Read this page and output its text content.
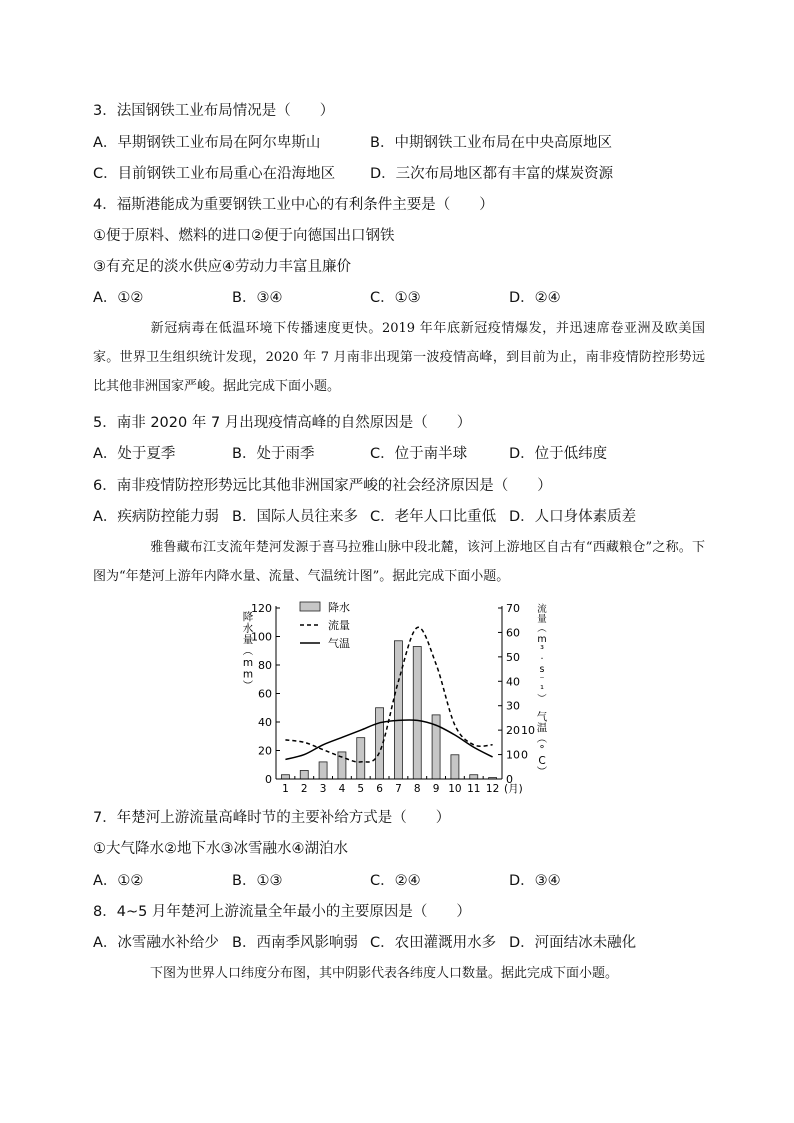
3．法国钢铁工业布局情况是（　　）
A．早期钢铁工业布局在阿尔卑斯山	B．中期钢铁工业布局在中央高原地区
C．目前钢铁工业布局重心在沿海地区 D．三次布局地区都有丰富的煤炭资源
4．福斯港能成为重要钢铁工业中心的有利条件主要是（　　）
①便于原料、燃料的进口②便于向德国出口钢铁
③有充足的淡水供应④劳动力丰富且廉价
A．①②	B．③④	C．①③	D．②④

新冠病毒在低温环境下传播速度更快。2019 年年底新冠疫情爆发，并迅速席卷亚洲及欧美国家。世界卫生组织统计发现，2020 年 7 月南非出现第一波疫情高峰，到目前为止，南非疫情防控形势远比其他非洲国家严峻。据此完成下面小题。

5．南非 2020 年 7 月出现疫情高峰的自然原因是（　　）
A．处于夏季	B．处于雨季	C．位于南半球	D．位于低纬度
6．南非疫情防控形势远比其他非洲国家严峻的社会经济原因是（　　）
A．疾病防控能力弱 B．国际人员往来多 C．老年人口比重低 D．人口身体素质差

雅鲁藏布江支流年楚河发源于喜马拉雅山脉中段北麓，该河上游地区自古有“西藏粮仓”之称。下图为“年楚河上游年内降水量、流量、气温统计图”。据此完成下面小题。

0
20
40
60
80
100
120
0
10
20
30
40
50
60
70
0
10
1 2 3 4 5 6 7 8 9 10 11 12 (月)
降
水
量
（
m
m
）
流
量
（
m
³
·
s
⁻
¹
）
气
温
（
°
C
）
降水
流量
气温
7．年楚河上游流量高峰时节的主要补给方式是（　　）
①大气降水②地下水③冰雪融水④湖泊水
A．①②	B．①③	C．②④	D．③④
8．4~5 月年楚河上游流量全年最小的主要原因是（　　）
A．冰雪融水补给少 B．西南季风影响弱 C．农田灌溉用水多 D．河面结冰未融化

下图为世界人口纬度分布图，其中阴影代表各纬度人口数量。据此完成下面小题。
